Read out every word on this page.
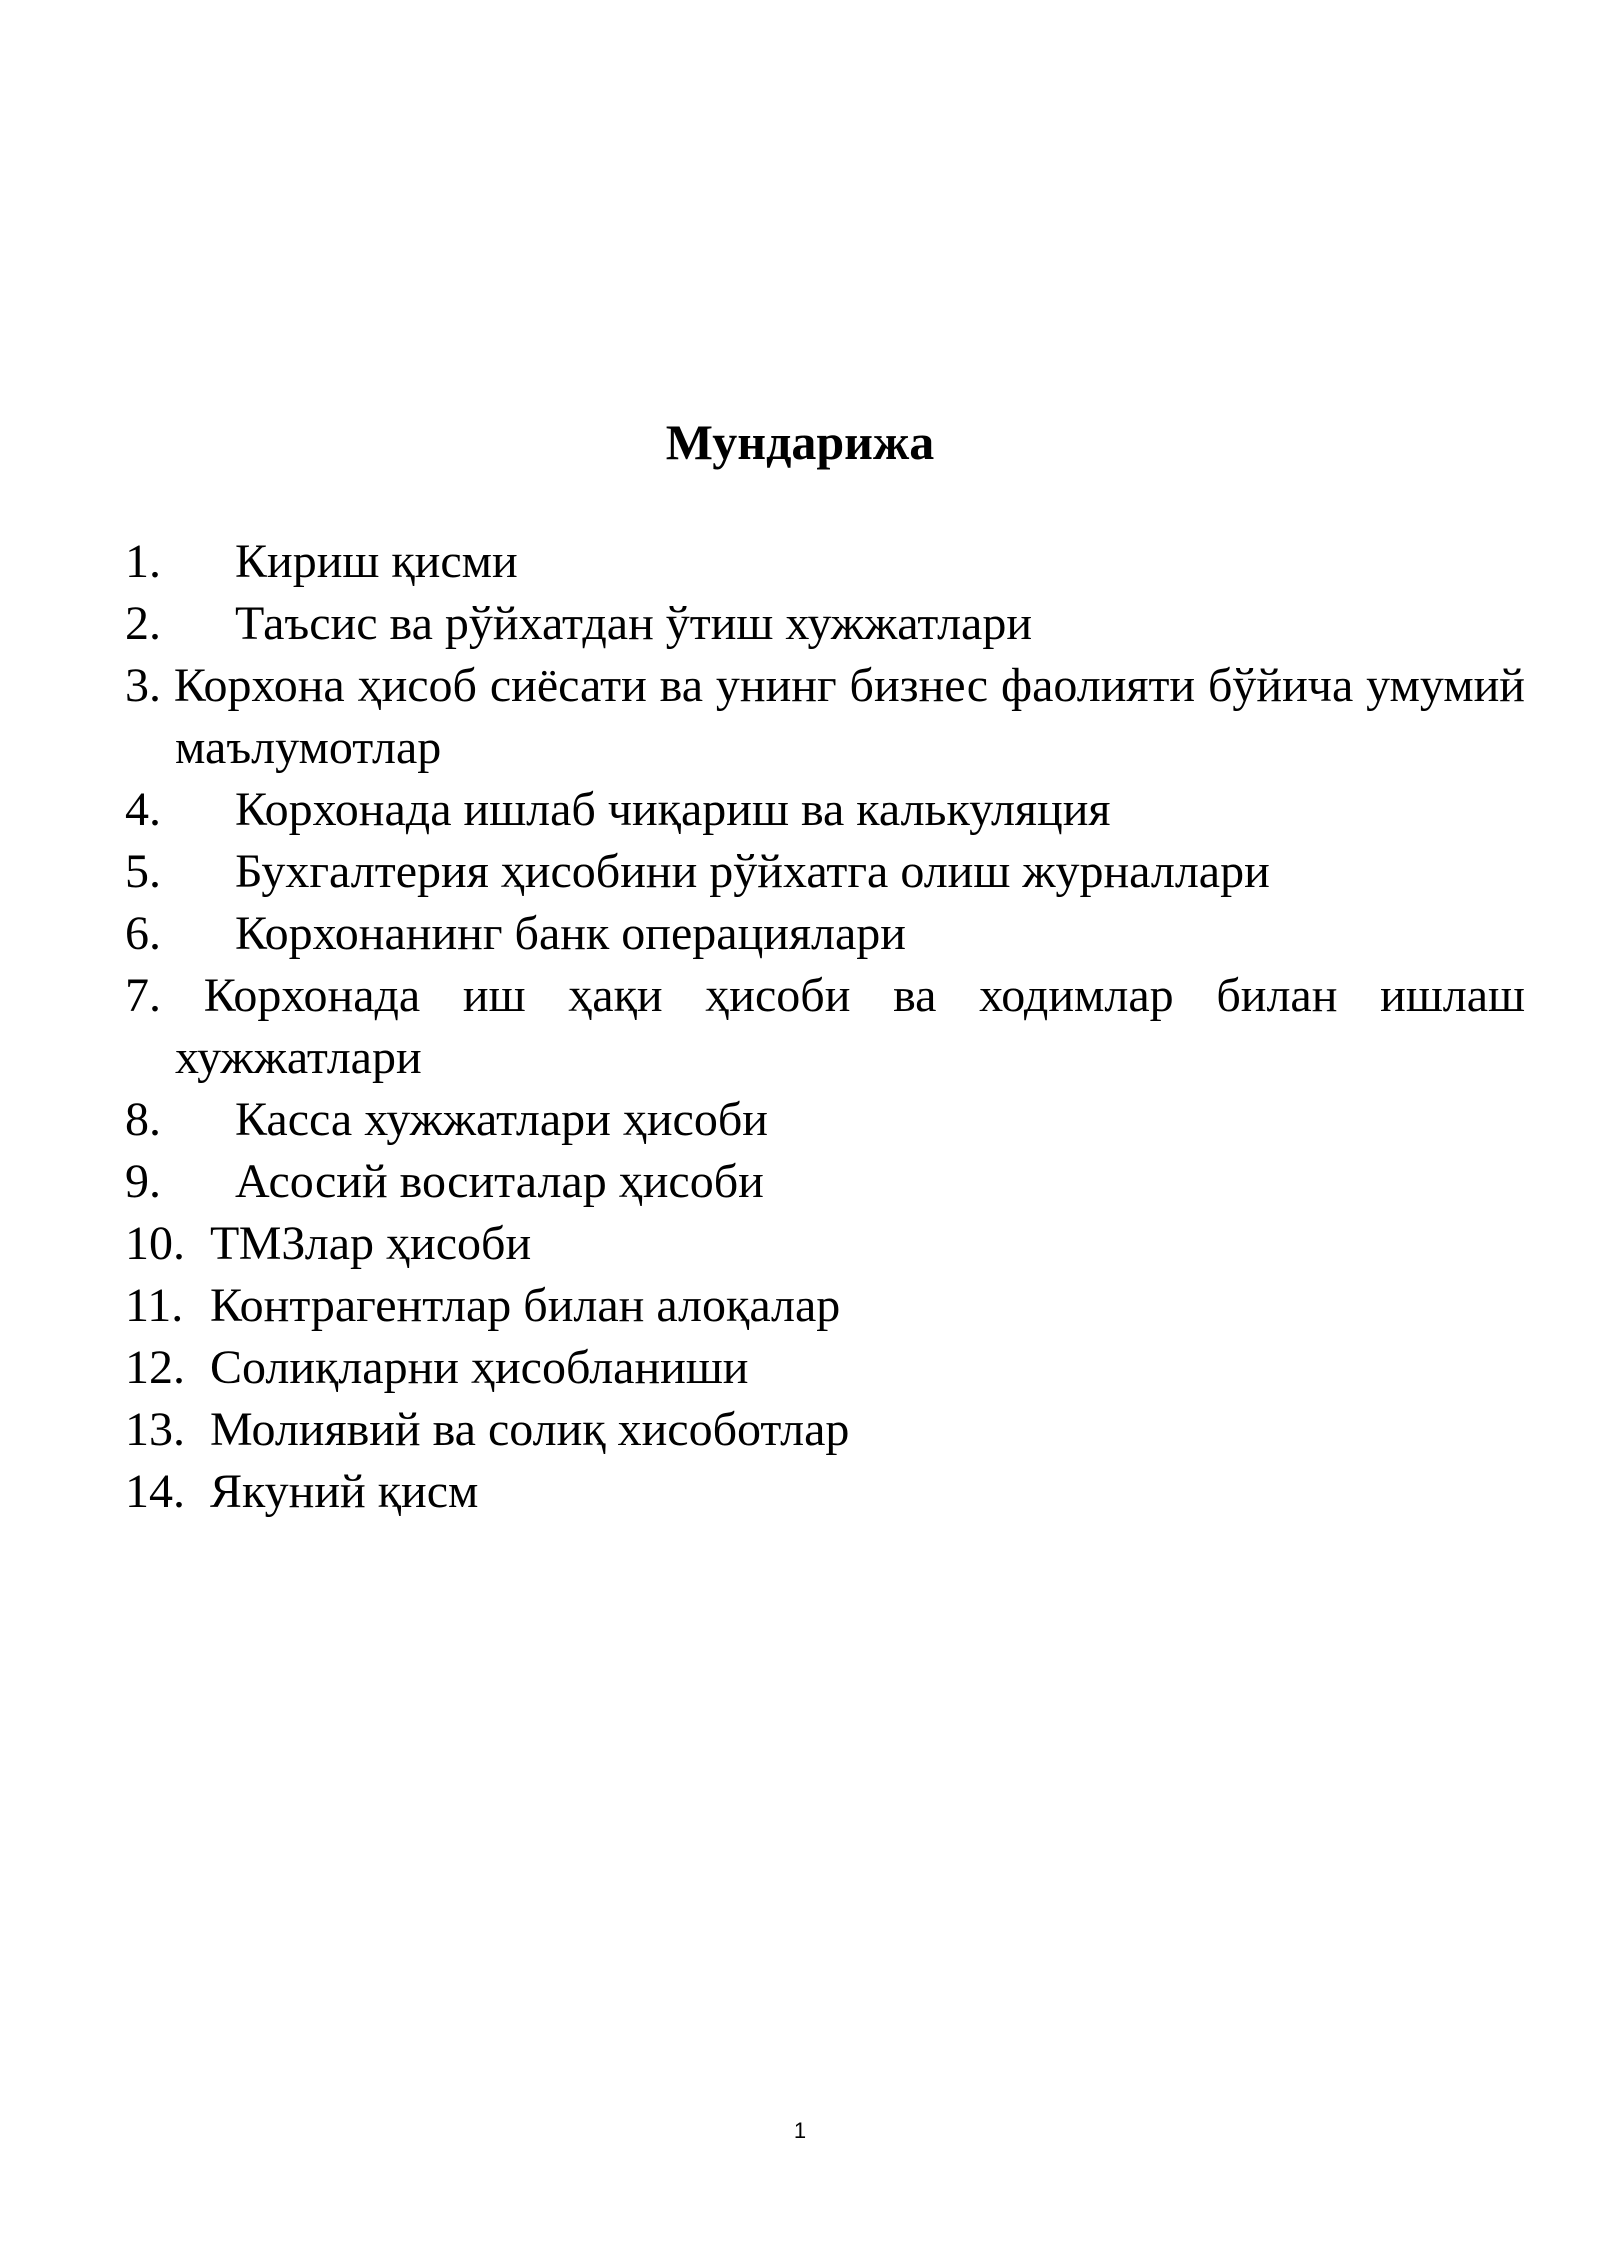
Мундарижа
1. Кириш қисми
2. Таъсис ва рўйхатдан ўтиш хужжатлари
3. Корхона ҳисоб сиёсати ва унинг бизнес фаолияти бўйича умумий маълумотлар
4. Корхонада ишлаб чиқариш ва калькуляция
5. Бухгалтерия ҳисобини рўйхатга олиш журналлари
6. Корхонанинг банк операциялари
7. Корхонада иш ҳақи ҳисоби ва ходимлар билан ишлаш хужжатлари
8. Касса хужжатлари ҳисоби
9. Асосий воситалар ҳисоби
10. ТМЗлар ҳисоби
11. Контрагентлар билан алоқалар
12. Солиқларни ҳисобланиши
13. Молиявий ва солиқ хисоботлар
14. Якуний қисм
1
